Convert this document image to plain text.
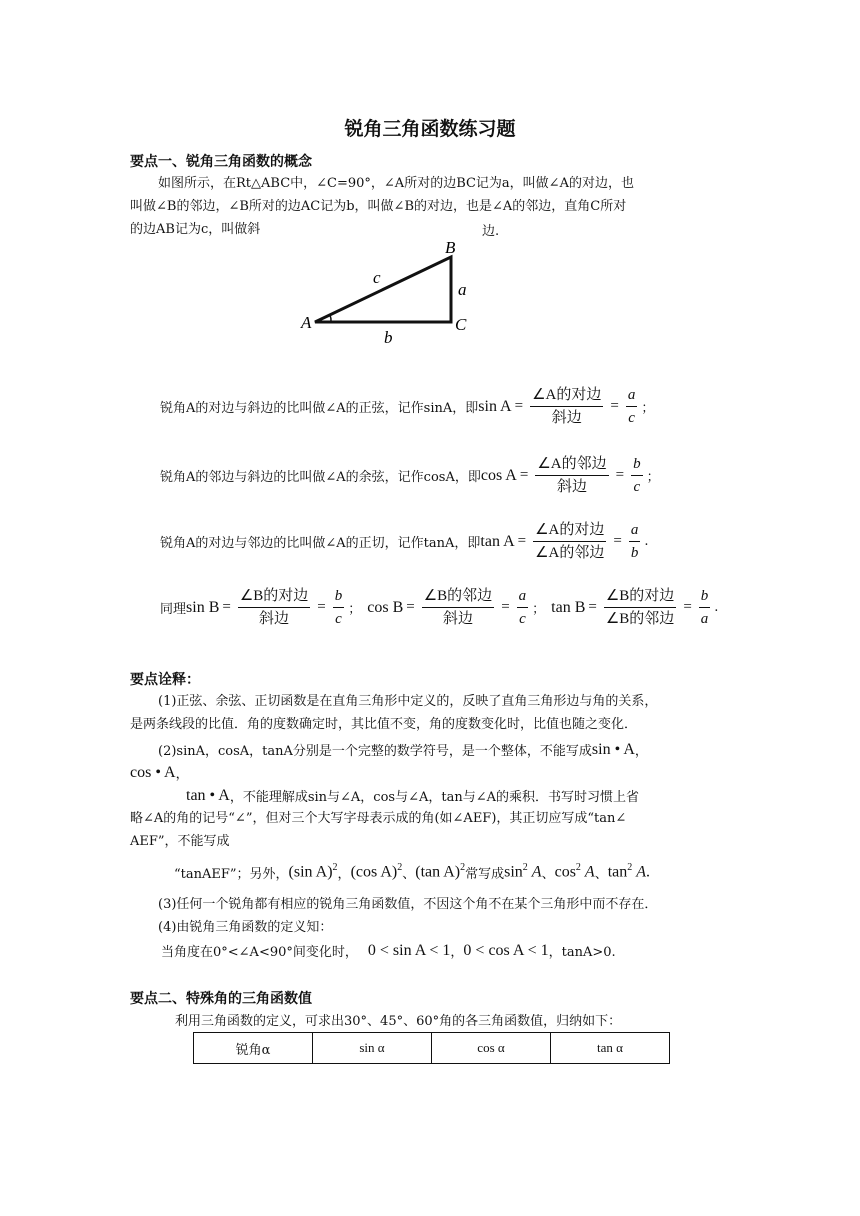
锐角三角函数练习题
要点一、锐角三角函数的概念
如图所示，在Rt△ABC中，∠C=90°，∠A所对的边BC记为a，叫做∠A的对边，也
叫做∠B的邻边，∠B所对的边AC记为b，叫做∠B的对边，也是∠A的邻边，直角C所对
的边AB记为c，叫做斜	边.
A
B
C
a
b
c
锐角A的对边与斜边的比叫做∠A的正弦，记作sinA，即 $\sin A = \frac{\text{∠A的对边}}{\text{斜边}} = \frac{a}{c}$ ；
锐角A的邻边与斜边的比叫做∠A的余弦，记作cosA，即 $\cos A = \frac{\text{∠A的邻边}}{\text{斜边}} = \frac{b}{c}$ ；
锐角A的对边与邻边的比叫做∠A的正切，记作tanA，即 $\tan A = \frac{\text{∠A的对边}}{\text{∠A的邻边}} = \frac{a}{b}$ .
同理 $\sin B = \frac{\text{∠B的对边}}{\text{斜边}} = \frac{b}{c}$ ； $\cos B = \frac{\text{∠B的邻边}}{\text{斜边}} = \frac{a}{c}$ ； $\tan B = \frac{\text{∠B的对边}}{\text{∠B的邻边}} = \frac{b}{a}$ .
要点诠释：
(1)正弦、余弦、正切函数是在直角三角形中定义的，反映了直角三角形边与角的关系，
是两条线段的比值．角的度数确定时，其比值不变，角的度数变化时，比值也随之变化．
(2)sinA，cosA，tanA分别是一个完整的数学符号，是一个整体，不能写成 sin • A ，
cos • A ，
tan • A ，不能理解成sin与∠A，cos与∠A，tan与∠A的乘积．书写时习惯上省
略∠A的角的记号“∠”，但对三个大写字母表示成的角(如∠AEF)，其正切应写成“tan∠
AEF”，不能写成
“tanAEF”；另外， (sin A)$^2$ ， (cos A)$^2$ 、 (tan A)$^2$ 常写成 $\sin^2 A$ 、 $\cos^2 A$ 、 $\tan^2 A$.
(3)任何一个锐角都有相应的锐角三角函数值，不因这个角不在某个三角形中而不存在．
(4)由锐角三角函数的定义知：
当角度在0°<∠A<90°间变化时， 0 < sin A < 1 ， 0 < cos A < 1 ，tanA>0.
要点二、特殊角的三角函数值
利用三角函数的定义，可求出30°、45°、60°角的各三角函数值，归纳如下：
锐角α	sin α	cos α	tan α
